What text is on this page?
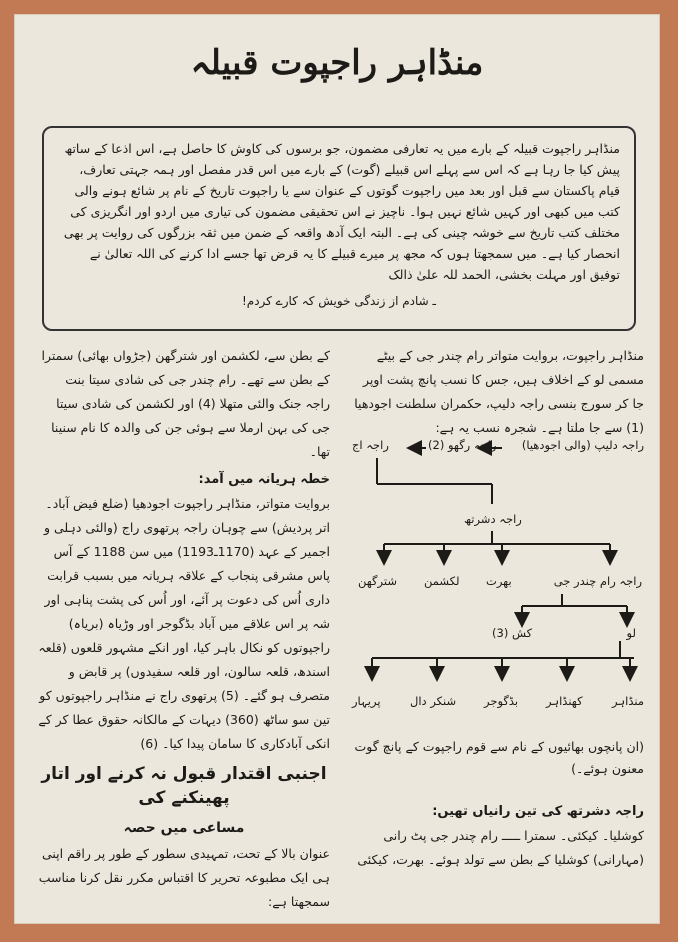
منڈاہر راجپوت قبیلہ

منڈاہر راجپوت قبیلہ کے بارے میں یہ تعارفی مضمون، جو برسوں کی کاوش کا حاصل ہے، اس اذعا کے ساتھ پیش کیا جا رہا ہے کہ اس سے پہلے اس قبیلے (گوت) کے بارے میں اس قدر مفصل اور ہمہ جہتی تعارف، قیام پاکستان سے قبل اور بعد میں راجپوت گوتوں کے عنوان سے یا راجپوت تاریخ کے نام پر شائع ہونے والی کتب میں کبھی اور کہیں شائع نہیں ہوا۔ ناچیز نے اس تحقیقی مضمون کی تیاری میں اردو اور انگریزی کی مختلف کتب تاریخ سے خوشہ چینی کی ہے۔ البتہ ایک آدھ واقعہ کے ضمن میں ثقہ بزرگوں کی روایت پر بھی انحصار کیا ہے۔ میں سمجھتا ہوں کہ مجھ پر میرے قبیلے کا یہ قرض تھا جسے ادا کرنے کی اللہ تعالیٰ نے توفیق اور مہلت بخشی، الحمد للہ علیٰ ذالک

ـ شادم از زندگی خویش کہ کارے کردم!

منڈاہر راجپوت، بروایت متواتر رام چندر جی کے بیٹے مسمی لو کے اخلاف ہیں، جس کا نسب پانچ پشت اوپر جا کر سورج بنسی راجہ دلیپ، حکمران سلطنت اجودھیا (1) سے جا ملتا ہے۔ شجرہ نسب یہ ہے:

راجہ دلیپ (والی اجودھیا)
راجہ رگھو (2)
راجہ اج
راجہ دشرتھ
راجہ رام چندر جی
بھرت
لکشمن
شترگھن
لو
کش (3)
منڈاہر
کھنڈاہر
بڈگوجر
شنکر دال
پریہار
(ان پانچوں بھائیوں کے نام سے قوم راجپوت کے پانچ گوت معنون ہوئے۔)
راجہ دشرتھ کی تین رانیاں تھیں:

کوشلیا۔ کیکئی۔ سمترا ـــــ رام چندر جی پٹ رانی (مہارانی) کوشلیا کے بطن سے تولد ہوئے۔ بھرت، کیکئی

کے بطن سے، لکشمن اور شترگھن (جڑواں بھائی) سمترا کے بطن سے تھے۔ رام چندر جی کی شادی سیتا بنت راجہ جنک والئی متھلا (4) اور لکشمن کی شادی سیتا جی کی بہن ارملا سے ہوئی جن کی والدہ کا نام سنینا تھا۔

خطہ ہریانہ میں آمد:

بروایت متواتر، منڈاہر راجپوت اجودھیا (ضلع فیض آباد۔ اتر پردیش) سے چوہان راجہ پرتھوی راج (والئی دہلی و اجمیر کے عہد (1170ـ1193) میں سن 1188 کے آس پاس مشرقی پنجاب کے علاقہ ہریانہ میں بسبب قرابت داری اُس کی دعوت پر آئے، اور اُس کی پشت پناہی اور شہ پر اس علاقے میں آباد بڈگوجر اور وڑیاہ (بریاہ) راجپوتوں کو نکال باہر کیا، اور انکے مشہور قلعوں (قلعہ اسندھ، قلعہ سالون، اور قلعہ سفیدوں) پر قابض و متصرف ہو گئے۔ (5) پرتھوی راج نے منڈاہر راجپوتوں کو تین سو ساٹھ (360) دیہات کے مالکانہ حقوق عطا کر کے انکی آبادکاری کا سامان پیدا کیا۔ (6)

اجنبی اقتدار قبول نہ کرنے اور اتار پھینکنے کی
مساعی میں حصہ

عنوان بالا کے تحت، تمہیدی سطور کے طور پر راقم اپنی ہی ایک مطبوعہ تحریر کا اقتباس مکرر نقل کرنا مناسب سمجھتا ہے:
